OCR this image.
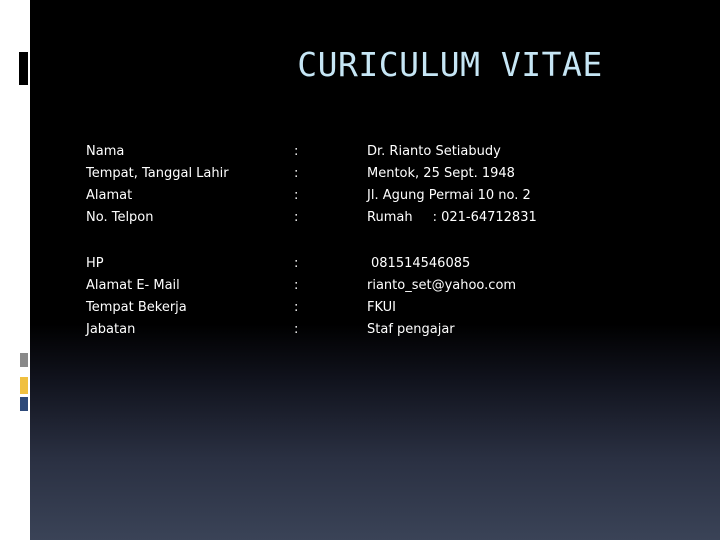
CURICULUM VITAE
Nama	:	Dr. Rianto Setiabudy
Tempat, Tanggal Lahir	:	Mentok, 25 Sept. 1948
Alamat	:	Jl. Agung Permai 10 no. 2
No. Telpon	:	Rumah : 021-64712831
HP	:	081514546085
Alamat E- Mail	:	rianto_set@yahoo.com
Tempat Bekerja	:	FKUI
Jabatan	:	Staf pengajar
